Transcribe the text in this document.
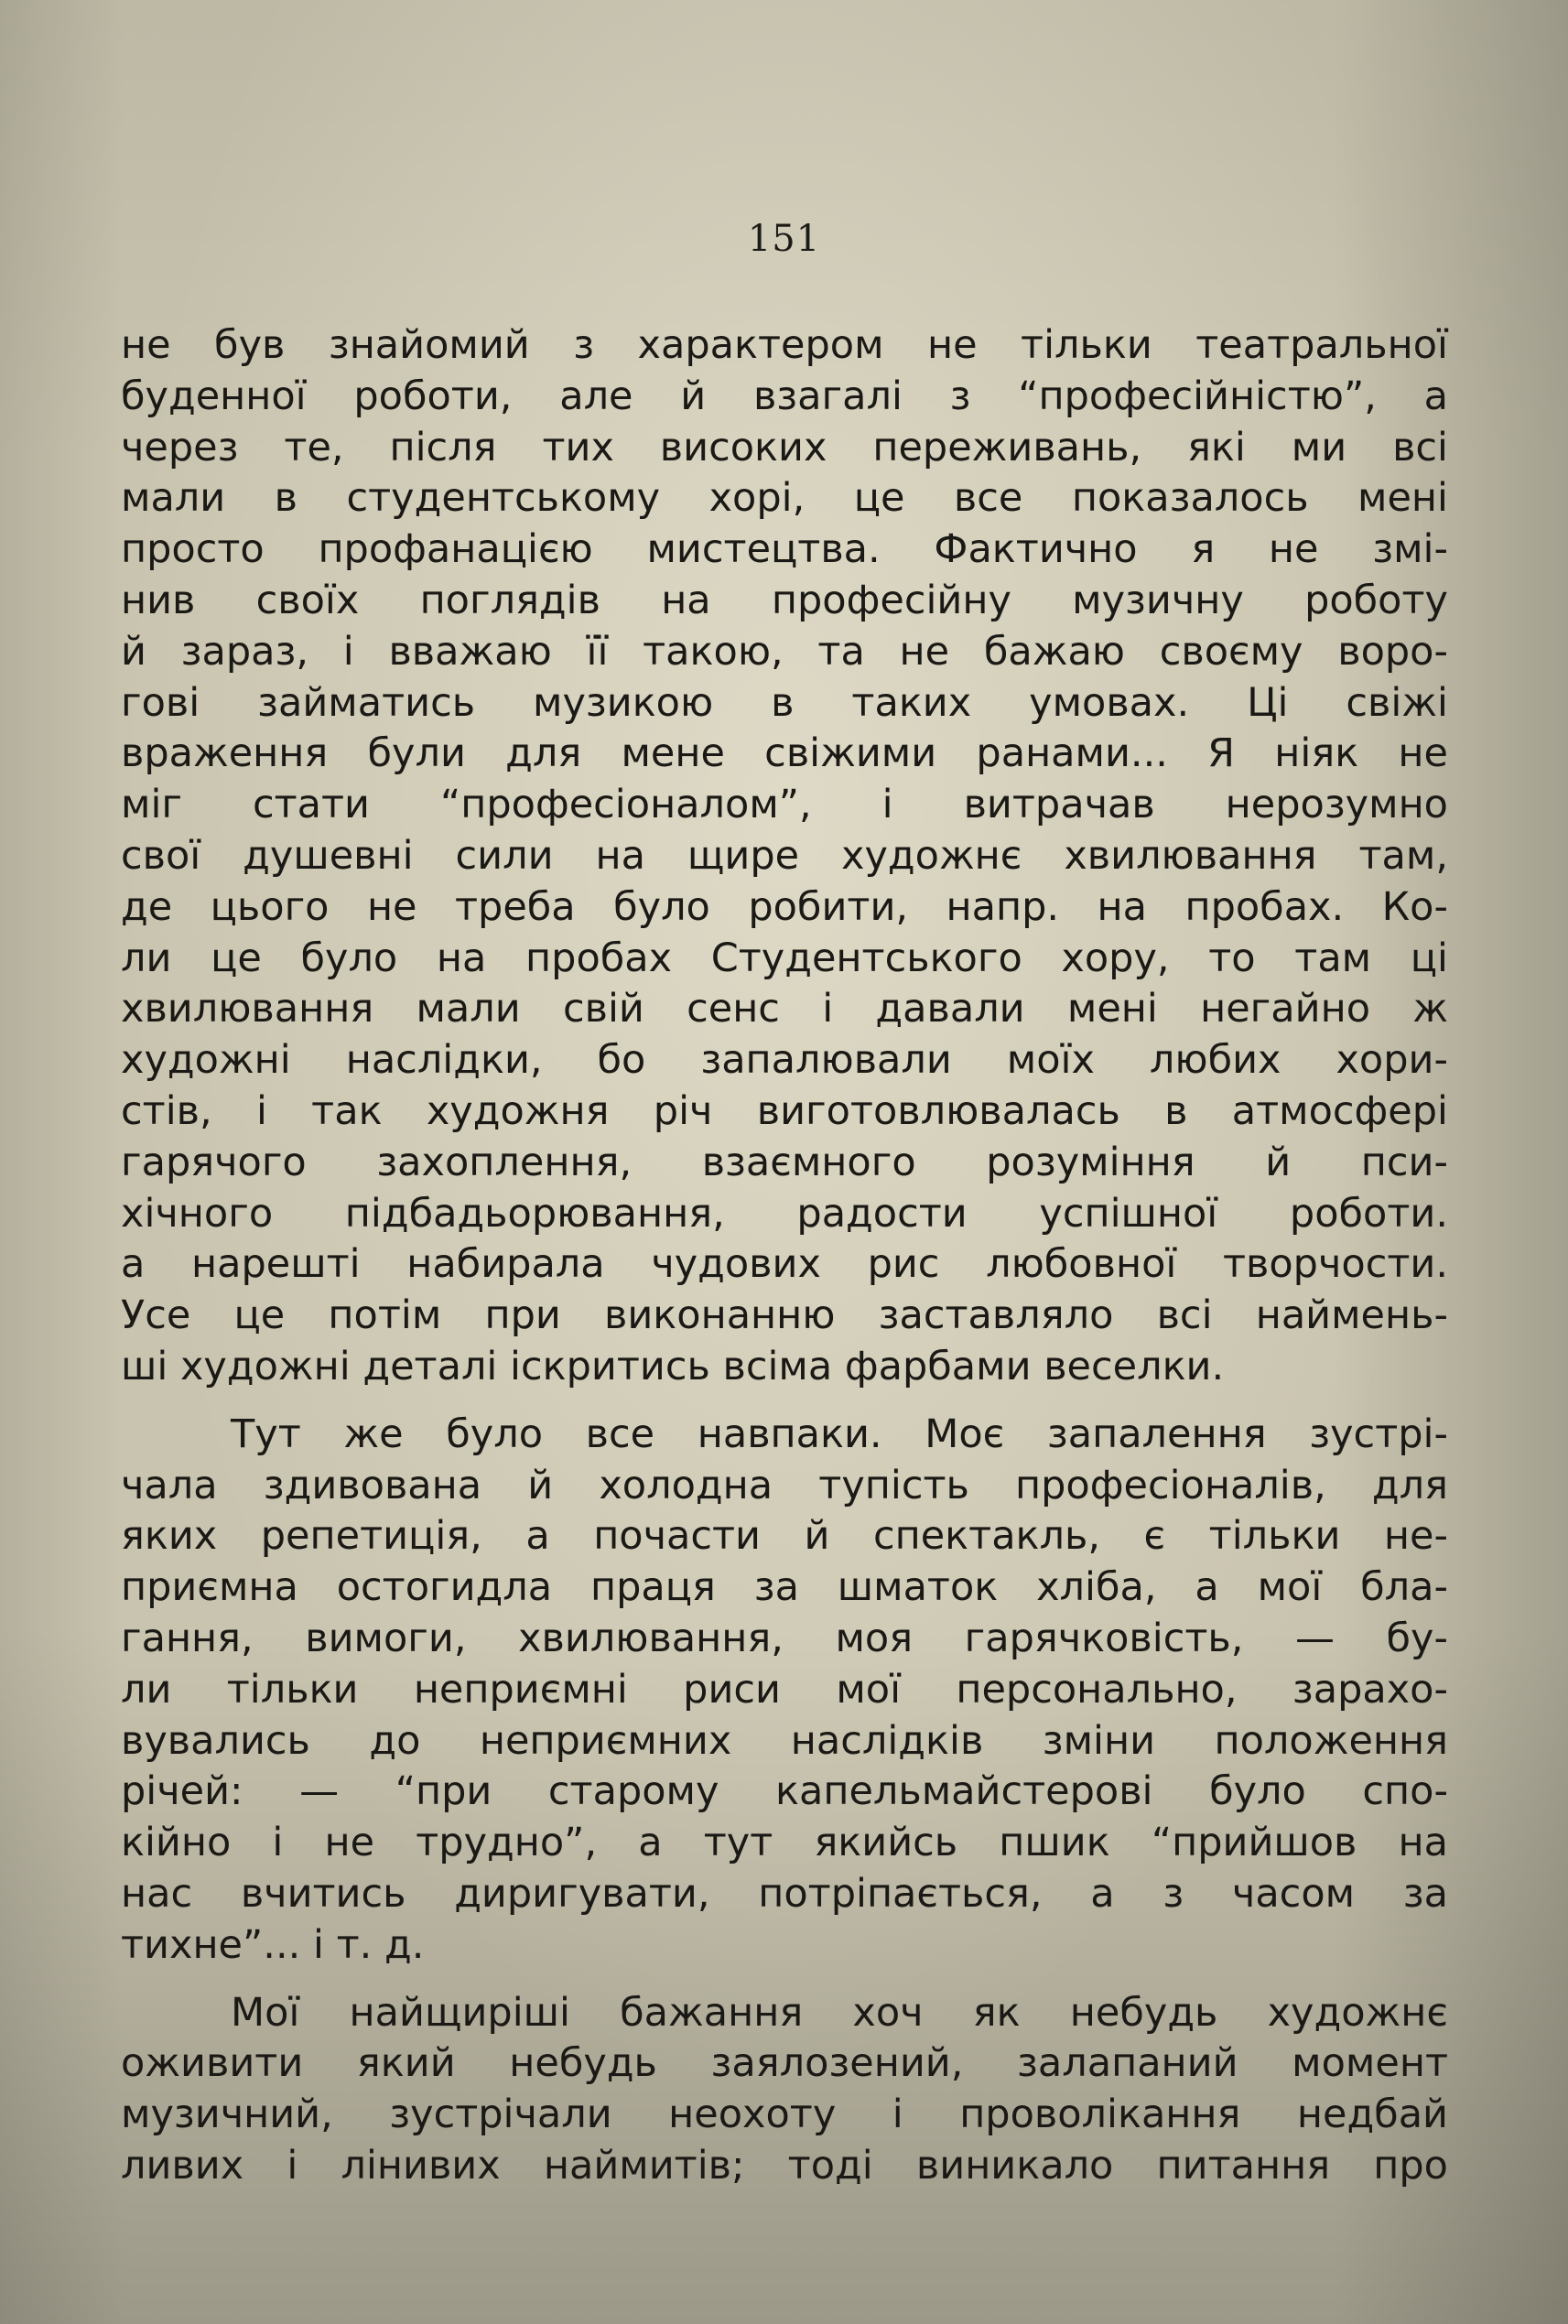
151
не був знайомий з характером не тільки театральної
буденної роботи, але й взагалі з “професійністю”, а
через те, після тих високих переживань, які ми всі
мали в студентському хорі, це все показалось мені
просто профанацією мистецтва. Фактично я не змі-
нив своїх поглядів на професійну музичну роботу
й зараз, і вважаю її такою, та не бажаю своєму воро-
гові займатись музикою в таких умовах. Ці свіжі
враження були для мене свіжими ранами... Я ніяк не
міг стати “професіоналом”, і витрачав нерозумно
свої душевні сили на щире художнє хвилювання там,
де цього не треба було робити, напр. на пробах. Ко-
ли це було на пробах Студентського хору, то там ці
хвилювання мали свій сенс і давали мені негайно ж
художні наслідки, бо запалювали моїх любих хори-
стів, і так художня річ виготовлювалась в атмосфері
гарячого захоплення, взаємного розуміння й пси-
хічного підбадьорювання, радости успішної роботи.
а нарешті набирала чудових рис любовної творчости.
Усе це потім при виконанню заставляло всі наймень-
ші художні деталі іскритись всіма фарбами веселки.
Тут же було все навпаки. Моє запалення зустрі-
чала здивована й холодна тупість професіоналів, для
яких репетиція, а почасти й спектакль, є тільки не-
приємна остогидла праця за шматок хліба, а мої бла-
гання, вимоги, хвилювання, моя гарячковість, — бу-
ли тільки неприємні риси мої персонально, зарахо-
вувались до неприємних наслідків зміни положення
річей: — “при старому капельмайстерові було спо-
кійно і не трудно”, а тут якийсь пшик “прийшов на
нас вчитись диригувати, потріпається, а з часом за
тихне”... і т. д.
Мої найщиріші бажання хоч як небудь художнє
оживити який небудь заялозений, залапаний момент
музичний, зустрічали неохоту і проволікання недбай
ливих і лінивих наймитів; тоді виникало питання про
